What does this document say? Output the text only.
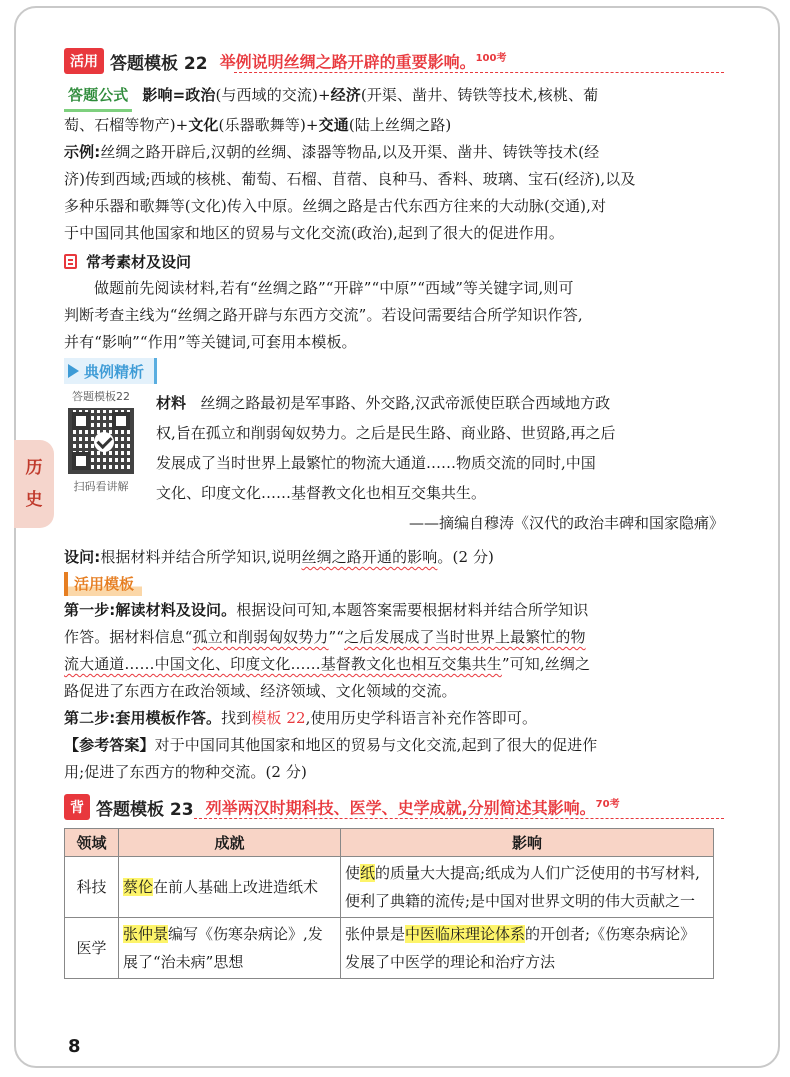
历
史
活用 答题模板 22 举例说明丝绸之路开辟的重要影响。$^{100考}$

答题公式 影响=政治(与西域的交流)+经济(开渠、凿井、铸铁等技术,核桃、葡

萄、石榴等物产)+文化(乐器歌舞等)+交通(陆上丝绸之路)

示例:丝绸之路开辟后,汉朝的丝绸、漆器等物品,以及开渠、凿井、铸铁等技术(经

济)传到西域;西域的核桃、葡萄、石榴、苜蓿、良种马、香料、玻璃、宝石(经济),以及

多种乐器和歌舞等(文化)传入中原。丝绸之路是古代东西方往来的大动脉(交通),对

于中国同其他国家和地区的贸易与文化交流(政治),起到了很大的促进作用。

常考素材及设问

做题前先阅读材料,若有“丝绸之路”“开辟”“中原”“西域”等关键字词,则可

判断考查主线为“丝绸之路开辟与东西方交流”。若设问需要结合所学知识作答,

并有“影响”“作用”等关键词,可套用本模板。

典例精析
答题模板22
扫码看讲解

材料 丝绸之路最初是军事路、外交路,汉武帝派使臣联合西域地方政

权,旨在孤立和削弱匈奴势力。之后是民生路、商业路、世贸路,再之后

发展成了当时世界上最繁忙的物流大通道……物质交流的同时,中国

文化、印度文化……基督教文化也相互交集共生。

——摘编自穆涛《汉代的政治丰碑和国家隐痛》

设问:根据材料并结合所学知识,说明丝绸之路开通的影响。(2 分)

活用模板

第一步:解读材料及设问。根据设问可知,本题答案需要根据材料并结合所学知识

作答。据材料信息“孤立和削弱匈奴势力”“之后发展成了当时世界上最繁忙的物

流大通道……中国文化、印度文化……基督教文化也相互交集共生”可知,丝绸之

路促进了东西方在政治领域、经济领域、文化领域的交流。

第二步:套用模板作答。找到模板 22,使用历史学科语言补充作答即可。

【参考答案】对于中国同其他国家和地区的贸易与文化交流,起到了很大的促进作

用;促进了东西方的物种交流。(2 分)

背 答题模板 23 列举两汉时期科技、医学、史学成就,分别简述其影响。$^{70考}$
领域	成就	影响
科技	蔡伦在前人基础上改进造纸术	使纸的质量大大提高;纸成为人们广泛使用的书写材料,便利了典籍的流传;是中国对世界文明的伟大贡献之一
医学	张仲景编写《伤寒杂病论》,发展了“治未病”思想	张仲景是中医临床理论体系的开创者;《伤寒杂病论》发展了中医学的理论和治疗方法
8
